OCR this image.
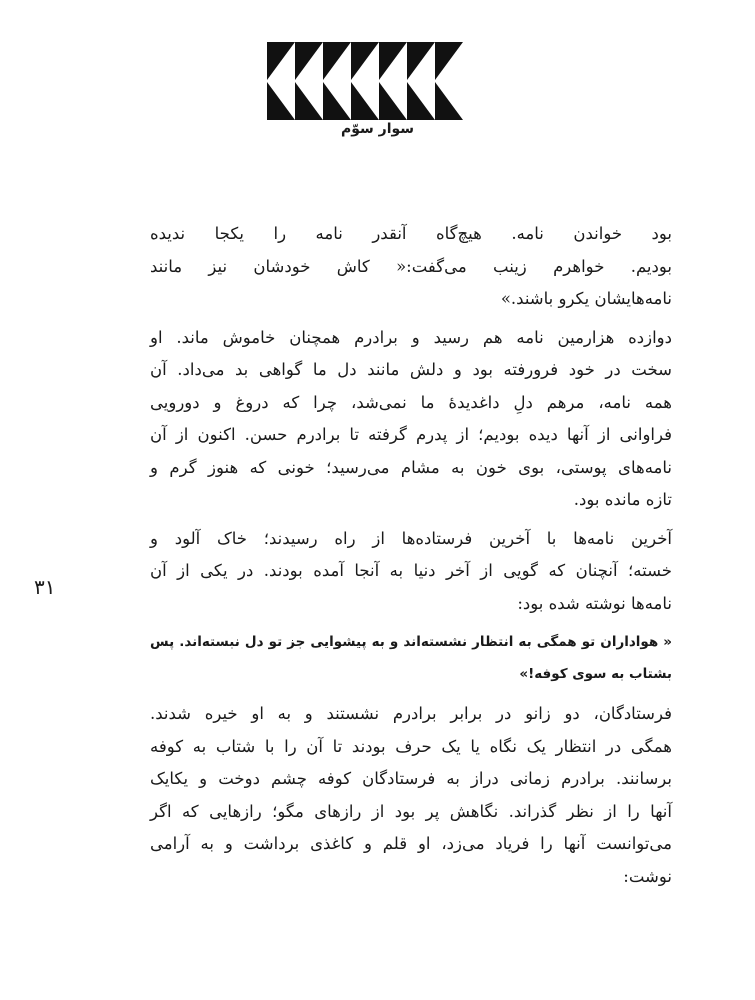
سوار سوّم
۳۱
بود خواندن نامه. هیچ‌گاه آنقدر نامه را یکجا ندیده
بودیم. خواهرم زینب می‌گفت:« کاش خودشان نیز مانند
نامه‌هایشان یکرو باشند.»
دوازده هزارمین نامه هم رسید و برادرم همچنان خاموش ماند. او
سخت در خود فرورفته بود و دلش مانند دل ما گواهی بد می‌داد. آن
همه نامه، مرهم دلِ داغدیدهٔ ما نمی‌شد، چرا که دروغ و دورویی
فراوانی از آنها دیده بودیم؛ از پدرم گرفته تا برادرم حسن. اکنون از آن
نامه‌های پوستی، بوی خون به مشام می‌رسید؛ خونی که هنوز گرم و
تازه مانده بود.
آخرین نامه‌ها با آخرین فرستاده‌ها از راه رسیدند؛ خاک آلود و
خسته؛ آنچنان که گویی از آخر دنیا به آنجا آمده بودند. در یکی از آن
نامه‌ها نوشته شده بود:
« هواداران تو همگی به انتظار نشسته‌اند و به پیشوایی جز تو دل نبسته‌اند. پس
بشتاب به سوی کوفه!»
فرستادگان، دو زانو در برابر برادرم نشستند و به او خیره شدند.
همگی در انتظار یک نگاه یا یک حرف بودند تا آن را با شتاب به کوفه
برسانند. برادرم زمانی دراز به فرستادگان کوفه چشم دوخت و یکایک
آنها را از نظر گذراند. نگاهش پر بود از رازهای مگو؛ رازهایی که اگر
می‌توانست آنها را فریاد می‌زد، او قلم و کاغذی برداشت و به آرامی
نوشت:
